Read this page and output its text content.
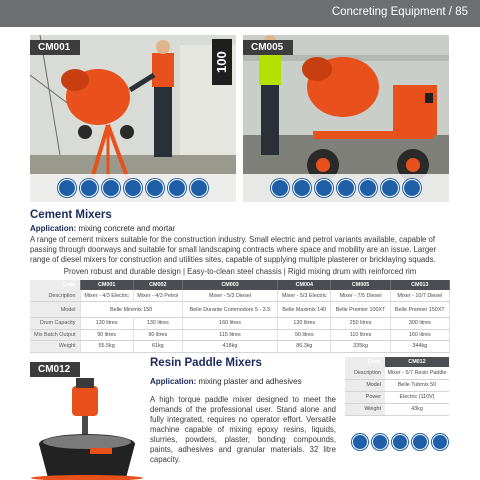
Concreting Equipment / 85
CM001
100
CM005
Cement Mixers
Application: mixing concrete and mortar
A range of cement mixers suitable for the construction industry. Small electric and petrol variants available, capable of passing through doorways and suitable for small landscaping contracts where space and mobility are an issue. Larger range of diesel mixers for construction and utilities sites, capable of supplying multiple plasterer or bricklaying squads.
Proven robust and durable design | Easy-to-clean steel chassis | Rigid mixing drum with reinforced rim
Code	CM001	CM002	CM003	CM004	CM005	CM013
Description	Mixer - 4/3 Electric	Mixer - 4/3 Petrol	Mixer - 5/3 Diesel	Mixer - 5/3 Electric	Mixer - 7/5 Diesel	Mixer - 10/7 Diesel
Model	Belle Minimix 150		Belle Durante Commodore 5 - 3.5	Belle Maximix 140	Belle Premier 100XT	Belle Premier 150XT
Drum Capacity	130 litres	130 litres	160 litres	130 litres	250 litres	300 litres
Mix Batch Output	90 litres	90 litres	115 litres	90 litres	110 litres	160 litres
Weight	55.5kg	61kg	418kg	86.3kg	335kg	344kg
CM012
Resin Paddle Mixers
Application: mixing plaster and adhesives
A high torque paddle mixer designed to meet the demands of the professional user. Stand alone and fully integrated, requires no operator effort. Versatile machine capable of mixing epoxy resins, liquids, slurries, powders, plaster, bonding compounds, paints, adhesives and granular materials. 32 litre capacity.
Code	CM012
Description	Mixer - 5/7 Resin Paddle
Model	Belle Tubmix 50
Power	Electric (110V)
Weight	43kg
